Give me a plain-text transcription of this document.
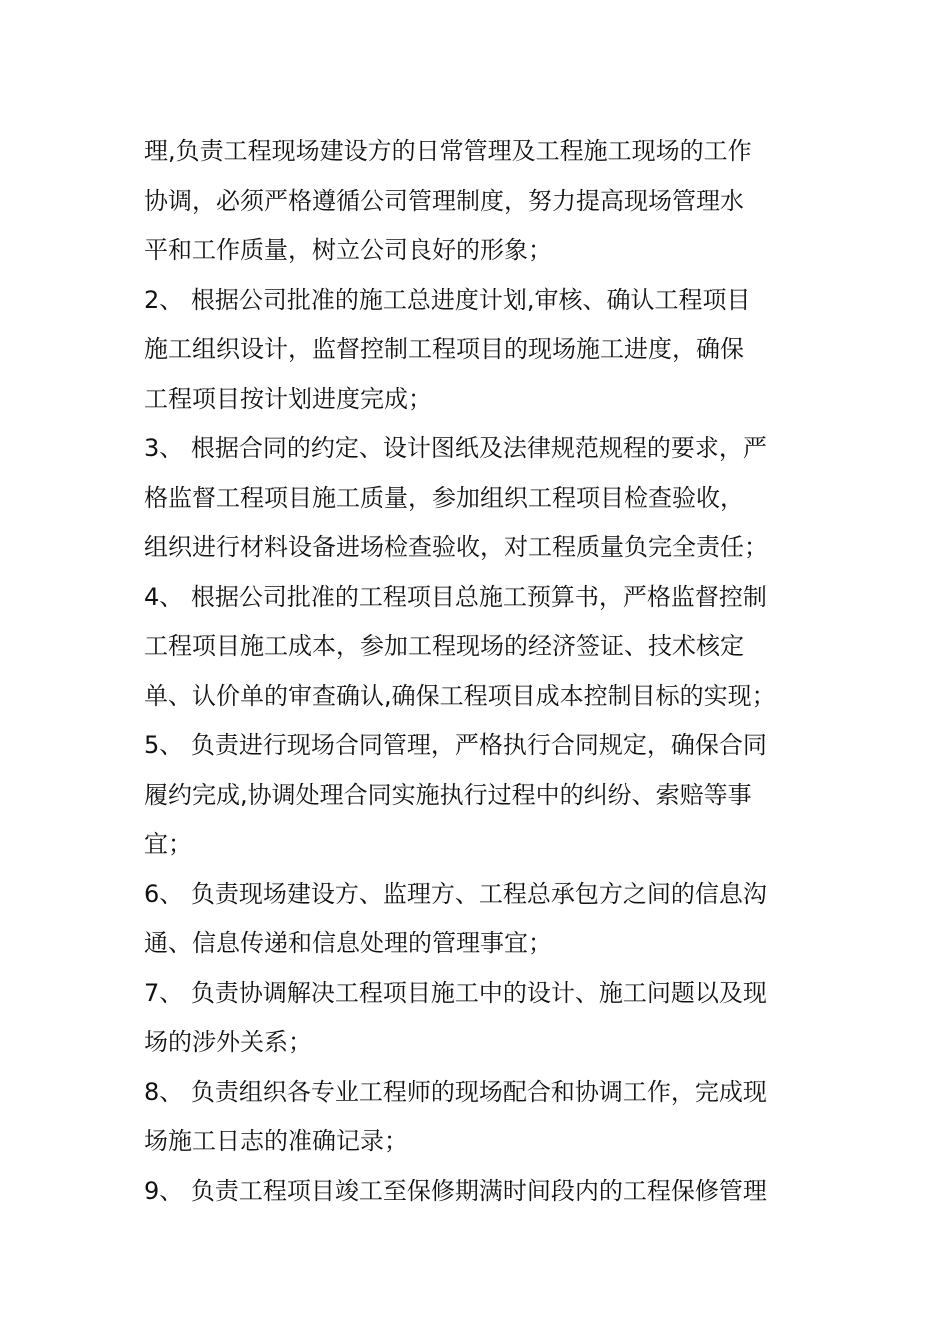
理,负责工程现场建设方的日常管理及工程施工现场的工作
协调，必须严格遵循公司管理制度，努力提高现场管理水
平和工作质量，树立公司良好的形象；
2、 根据公司批准的施工总进度计划,审核、确认工程项目
施工组织设计，监督控制工程项目的现场施工进度，确保
工程项目按计划进度完成；
3、 根据合同的约定、设计图纸及法律规范规程的要求，严
格监督工程项目施工质量，参加组织工程项目检查验收，
组织进行材料设备进场检查验收，对工程质量负完全责任；
4、 根据公司批准的工程项目总施工预算书，严格监督控制
工程项目施工成本，参加工程现场的经济签证、技术核定
单、认价单的审查确认,确保工程项目成本控制目标的实现；
5、 负责进行现场合同管理，严格执行合同规定，确保合同
履约完成,协调处理合同实施执行过程中的纠纷、索赔等事
宜；
6、 负责现场建设方、监理方、工程总承包方之间的信息沟
通、信息传递和信息处理的管理事宜；
7、 负责协调解决工程项目施工中的设计、施工问题以及现
场的涉外关系；
8、 负责组织各专业工程师的现场配合和协调工作，完成现
场施工日志的准确记录；
9、 负责工程项目竣工至保修期满时间段内的工程保修管理
